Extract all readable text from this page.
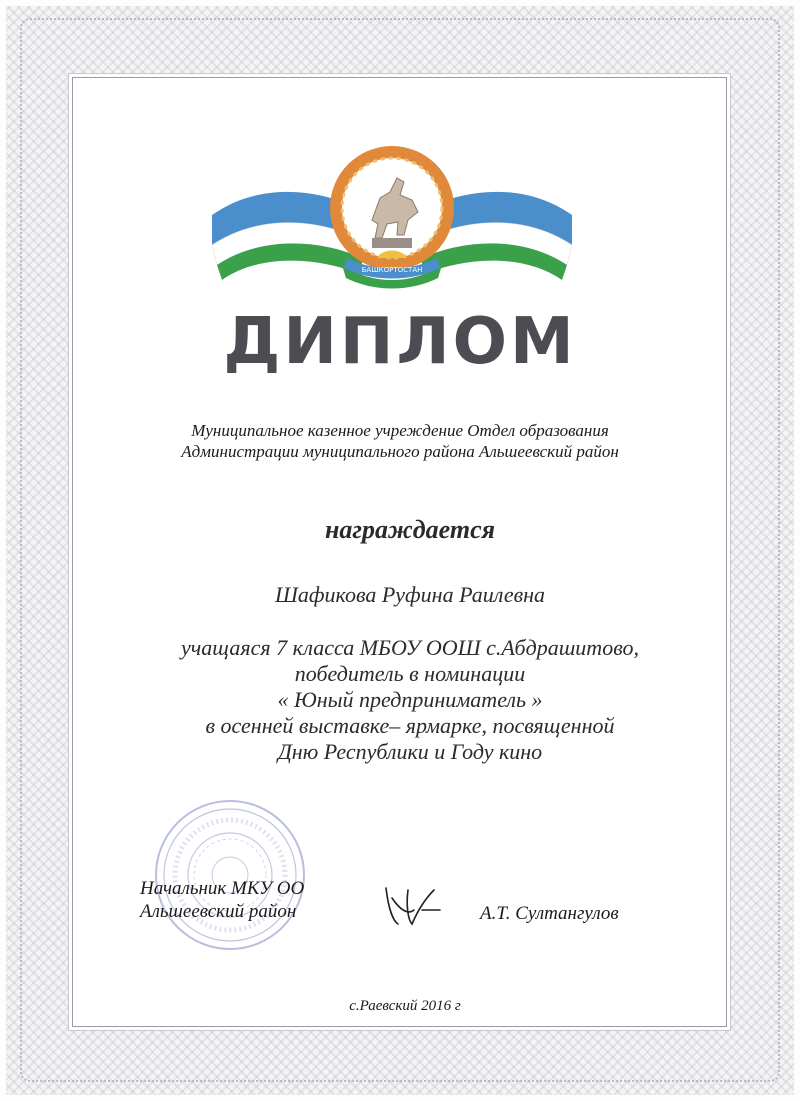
БАШКОРТОСТАН
ДИПЛОМ
Муниципальное казенное учреждение Отдел образования
Администрации муниципального района Альшеевский район
награждается
Шафикова Руфина Раилевна
учащаяся 7 класса МБОУ ООШ с.Абдрашитово,
победитель в номинации
« Юный предприниматель »
в осенней выставке– ярмарке, посвященной
Дню Республики и Году кино
Начальник МКУ ОО
Альшеевский район	А.Т. Султангулов
с.Раевский 2016 г
